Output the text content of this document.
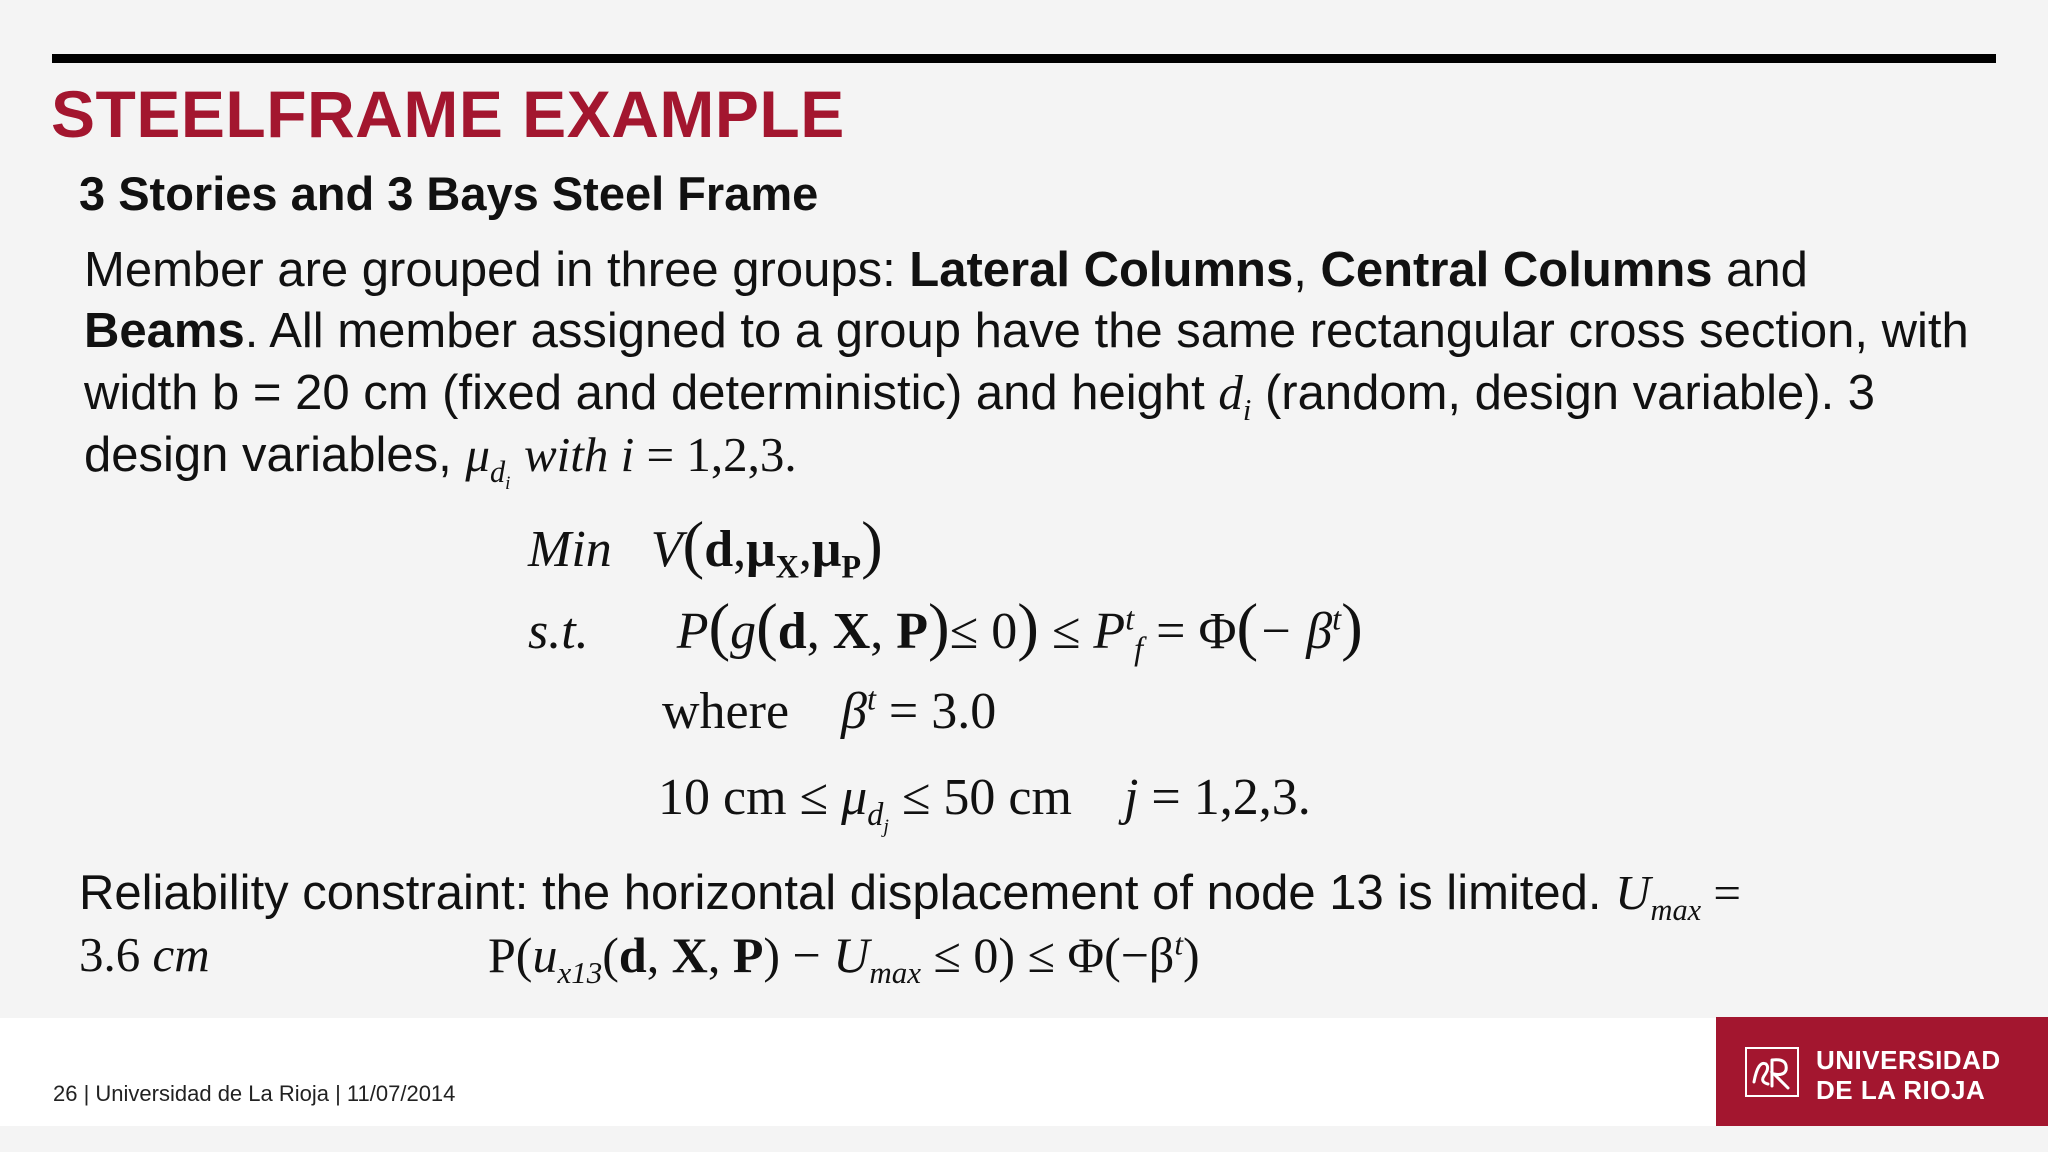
STEELFRAME EXAMPLE
3 Stories and 3 Bays Steel Frame

Member are grouped in three groups: Lateral Columns, Central Columns and
Beams. All member assigned to a group have the same rectangular cross section, with width b = 20 cm (fixed and deterministic) and height $d_i$ (random, design variable). 3 design variables, $\mu_{d_i}$ with i = 1,2,3.

Min $V(d,\mu_X,\mu_P)$
s.t. P(g(d, X, $P)\le 0) \le P^t_f = \Phi(- \beta^t)$
where $\beta^t = 3.0$
10 cm ≤ $\mu_{d_j} \le 50$ cm j = 1,2,3.

Reliability constraint: the horizontal displacement of node 13 is limited. $U_{max}$ =
3.6 cm	$P(u_{x13}(d$, X, $P) - U_{max} \le 0) \le \Phi(-\beta^t)$

26 | Universidad de La Rioja | 11/07/2014

UNIVERSIDAD

DE LA RIOJA
